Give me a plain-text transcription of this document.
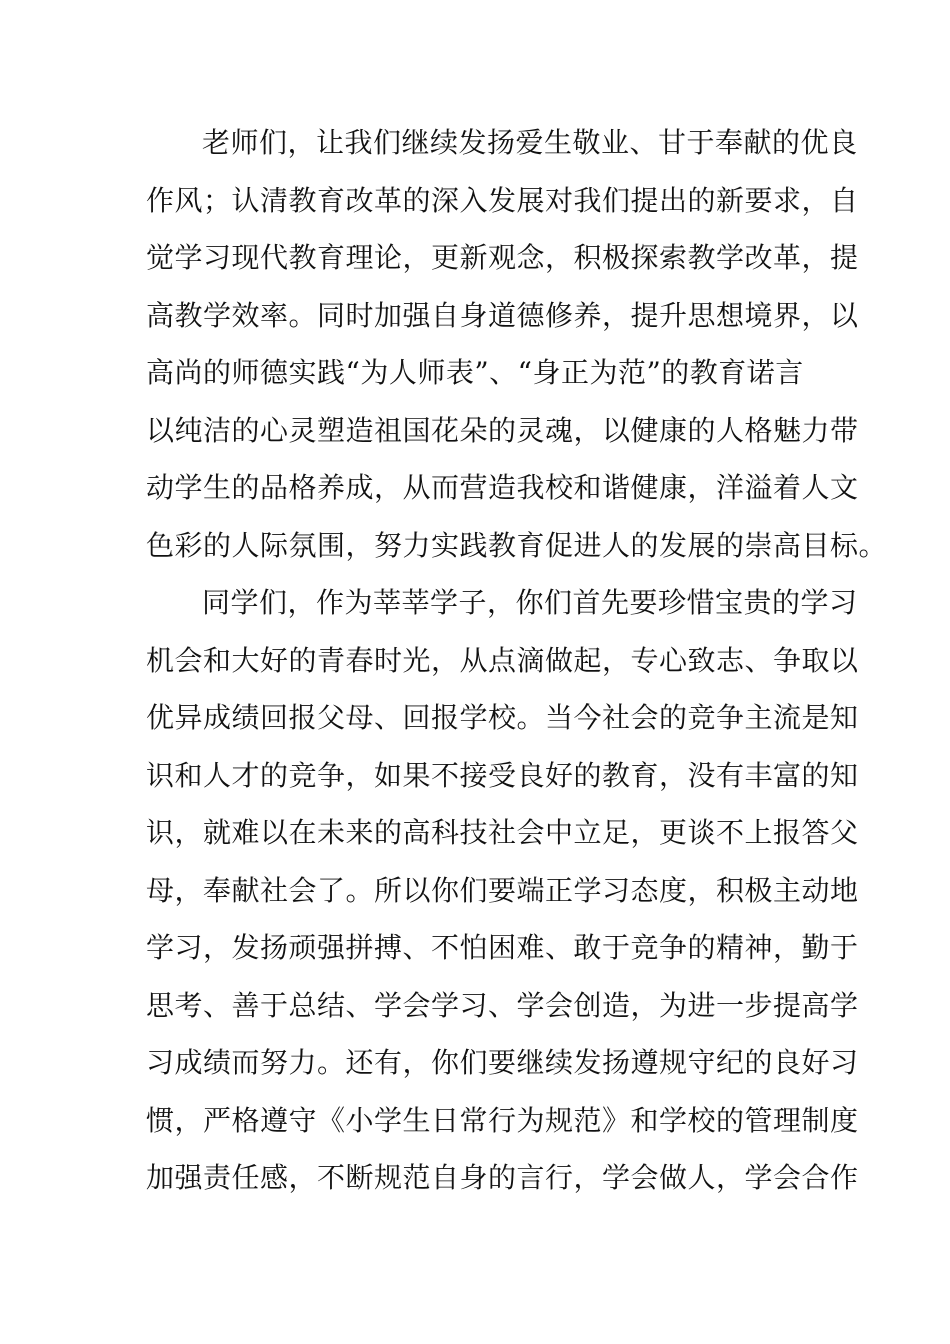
老师们，让我们继续发扬爱生敬业、甘于奉献的优良
作风；认清教育改革的深入发展对我们提出的新要求，自
觉学习现代教育理论，更新观念，积极探索教学改革，提
高教学效率。同时加强自身道德修养，提升思想境界，以
高尚的师德实践“为人师表”、“身正为范”的教育诺言
以纯洁的心灵塑造祖国花朵的灵魂，以健康的人格魅力带
动学生的品格养成，从而营造我校和谐健康，洋溢着人文
色彩的人际氛围，努力实践教育促进人的发展的崇高目标。
同学们，作为莘莘学子，你们首先要珍惜宝贵的学习
机会和大好的青春时光，从点滴做起，专心致志、争取以
优异成绩回报父母、回报学校。当今社会的竞争主流是知
识和人才的竞争，如果不接受良好的教育，没有丰富的知
识，就难以在未来的高科技社会中立足，更谈不上报答父
母，奉献社会了。所以你们要端正学习态度，积极主动地
学习，发扬顽强拼搏、不怕困难、敢于竞争的精神，勤于
思考、善于总结、学会学习、学会创造，为进一步提高学
习成绩而努力。还有，你们要继续发扬遵规守纪的良好习
惯，严格遵守《小学生日常行为规范》和学校的管理制度
加强责任感，不断规范自身的言行，学会做人，学会合作
